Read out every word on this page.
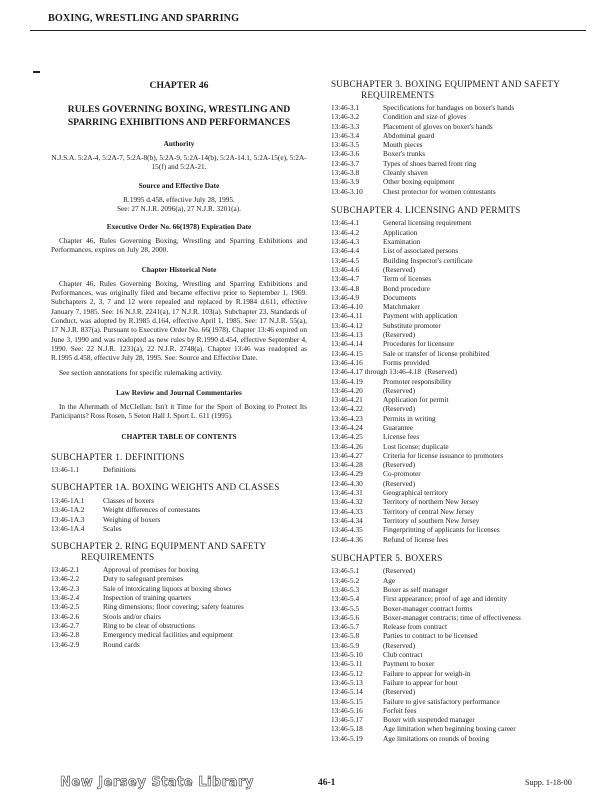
BOXING, WRESTLING AND SPARRING
CHAPTER 46
RULES GOVERNING BOXING, WRESTLING AND SPARRING EXHIBITIONS AND PERFORMANCES
Authority
N.J.S.A. 5:2A-4, 5:2A-7, 5:2A-8(b), 5:2A-9, 5:2A-14(b), 5:2A-14.1, 5:2A-15(e), 5:2A-15(f) and 5:2A-21.
Source and Effective Date
R.1995 d.458, effective July 28, 1995.
See: 27 N.J.R. 2096(a), 27 N.J.R. 3201(a).
Executive Order No. 66(1978) Expiration Date
Chapter 46, Rules Governing Boxing, Wrestling and Sparring Exhibitions and Performances, expires on July 28, 2000.
Chapter Historical Note
Chapter 46, Rules Governing Boxing, Wrestling and Sparring Exhibitions and Performances, was originally filed and became effective prior to September 1, 1969. Subchapters 2, 3, 7 and 12 were repealed and replaced by R.1984 d.611, effective January 7, 1985. See: 16 N.J.R. 2241(a), 17 N.J.R. 103(a). Subchapter 23, Standards of Conduct, was adopted by R.1985 d.164, effective April 1, 1985. See: 17 N.J.R. 55(a), 17 N.J.R. 837(a). Pursuant to Executive Order No. 66(1978), Chapter 13:46 expired on June 3, 1990 and was readopted as new rules by R.1990 d.454, effective September 4, 1990. See: 22 N.J.R. 1231(a), 22 N.J.R. 2748(a). Chapter 13:46 was readopted as R.1995 d.458, effective July 28, 1995. See: Source and Effective Date.
See section annotations for specific rulemaking activity.
Law Review and Journal Commentaries
In the Aftermath of McClellan: Isn't it Time for the Sport of Boxing to Protect Its Participants? Ross Rosen, 5 Seton Hall J. Sport L. 611 (1995).
CHAPTER TABLE OF CONTENTS
SUBCHAPTER 1. DEFINITIONS
13:46-1.1	Definitions
SUBCHAPTER 1A. BOXING WEIGHTS AND CLASSES
13:46-1A.1	Classes of boxers
13:46-1A.2	Weight differences of contestants
13:46-1A.3	Weighing of boxers
13:46-1A.4	Scales
SUBCHAPTER 2. RING EQUIPMENT AND SAFETY
REQUIREMENTS
13:46-2.1	Approval of premises for boxing
13:46-2.2	Duty to safeguard premises
13:46-2.3	Sale of intoxicating liquors at boxing shows
13:46-2.4	Inspection of training quarters
13:46-2.5	Ring dimensions; floor covering; safety features
13:46-2.6	Stools and/or chairs
13:46-2.7	Ring to be clear of obstructions
13:46-2.8	Emergency medical facilities and equipment
13:46-2.9	Round cards
SUBCHAPTER 3. BOXING EQUIPMENT AND SAFETY
REQUIREMENTS
13:46-3.1	Specifications for bandages on boxer's hands
13:46-3.2	Condition and size of gloves
13:46-3.3	Placement of gloves on boxer's hands
13:46-3.4	Abdominal guard
13:46-3.5	Mouth pieces
13:46-3.6	Boxer's trunks
13:46-3.7	Types of shoes barred from ring
13:46-3.8	Cleanly shaven
13:46-3.9	Other boxing equipment
13:46-3.10	Chest protector for women contestants
SUBCHAPTER 4. LICENSING AND PERMITS
13:46-4.1	General licensing requirement
13:46-4.2	Application
13:46-4.3	Examination
13:46-4.4	List of associated persons
13:46-4.5	Building Inspector's certificate
13:46-4.6	(Reserved)
13:46-4.7	Term of licenses
13:46-4.8	Bond procedure
13:46-4.9	Documents
13:46-4.10	Matchmaker
13:46-4.11	Payment with application
13:46-4.12	Substitute promoter
13:46-4.13	(Reserved)
13:46-4.14	Procedures for licensure
13:46-4.15	Sale or transfer of license prohibited
13:46-4.16	Forms provided
13:46-4.17 through 13:46-4.18 (Reserved)
13:46-4.19	Promoter responsibility
13:46-4.20	(Reserved)
13:46-4.21	Application for permit
13:46-4.22	(Reserved)
13:46-4.23	Permits in writing
13:46-4.24	Guarantee
13:46-4.25	License fees
13:46-4.26	Lost license; duplicate
13:46-4.27	Criteria for license issuance to promoters
13:46-4.28	(Reserved)
13:46-4.29	Co-promoter
13:46-4.30	(Reserved)
13:46-4.31	Geographical territory
13:46-4.32	Territory of northern New Jersey
13:46-4.33	Territory of central New Jersey
13:46-4.34	Territory of southern New Jersey
13:46-4.35	Fingerprinting of applicants for licenses
13:46-4.36	Refund of license fees
SUBCHAPTER 5. BOXERS
13:46-5.1	(Reserved)
13:46-5.2	Age
13:46-5.3	Boxer as self manager
13:46-5.4	First appearance; proof of age and identity
13:46-5.5	Boxer-manager contract forms
13:46-5.6	Boxer-manager contracts; time of effectiveness
13:46-5.7	Release from contract
13:46-5.8	Parties to contract to be licensed
13:46-5.9	(Reserved)
13:46-5.10	Club contract
13:46-5.11	Payment to boxer
13:46-5.12	Failure to appear for weigh-in
13:46-5.13	Failure to appear for bout
13:46-5.14	(Reserved)
13:46-5.15	Failure to give satisfactory performance
13:46-5.16	Forfeit fees
13:46-5.17	Boxer with suspended manager
13:46-5.18	Age limitation when beginning boxing career
13:46-5.19	Age limitations on rounds of boxing
New Jersey State Library	46-1	Supp. 1-18-00
